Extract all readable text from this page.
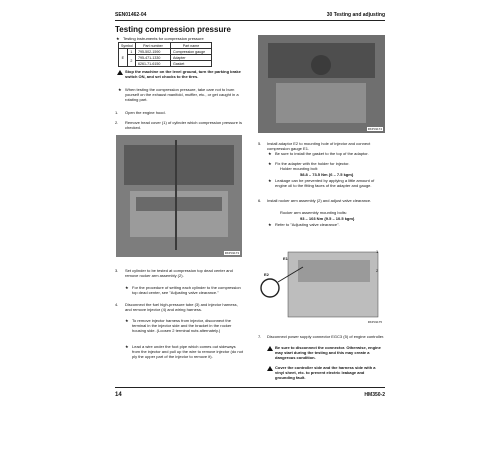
SEN01462-04	30 Testing and adjusting
Testing compression pressure
★ Testing instruments for compression pressure
Symbol		Part number	Part name
E	1	795-502-1590	Compression gauge
	2	795-471-1330	Adapter
		6261-71-6150	Gasket
Stop the machine on the level ground, turn the parking brake switch ON, and set chocks to the tires.
★ When testing the compression pressure, take care not to burn yourself on the exhaust manifold, muffler, etc., or get caught in a rotating part.
1. Open the engine hood.
2. Remove head cover (1) of cylinder which compression pressure is checked.
RKP31173
3. Set cylinder to be tested at compression top dead center and remove rocker arm assembly (2).
★ For the procedure of setting each cylinder to the compression top dead center, see "Adjusting valve clearance."
4. Disconnect the fuel high-pressure tube (3) and injector harness, and remove injector (4) and wiring harness.
★ To remove injector harness from injector, disconnect the terminal in the injector side and the bracket in the rocker housing side. (Loosen 2 terminal nuts alternately.)
★ Lead a wire under the foot pipe which comes out sideways from the injector and pull up the wire to remove injector (do not ply the upper part of the injector to remove it).
RKP31174
5. Install adaptor E2 to mounting hole of injector and connect compression gauge E1.
★ Be sure to install the gasket to the top of the adaptor.
★ Fix the adapter with the holder for injector.
Holder mounting bolt:
58.8 – 73.5 Nm {6 – 7.5 kgm}
★ Leakage can be prevented by applying a little amount of engine oil to the fitting faces of the adapter and gauge.
6. Install rocker arm assembly (2) and adjust valve clearance.
Rocker arm assembly mounting bolts:
93 – 103 Nm {9.5 – 10.5 kgm}
★ Refer to "Adjusting valve clearance".
E1
E2
1
2
RKP31175
7. Disconnect power supply connector EGC3 (5) of engine controller.
Be sure to disconnect the connector. Otherwise, engine may start during the testing and this may create a dangerous condition.
Cover the controller side and the harness side with a vinyl sheet, etc. to prevent electric leakage and grounding fault.
14	HM350-2
